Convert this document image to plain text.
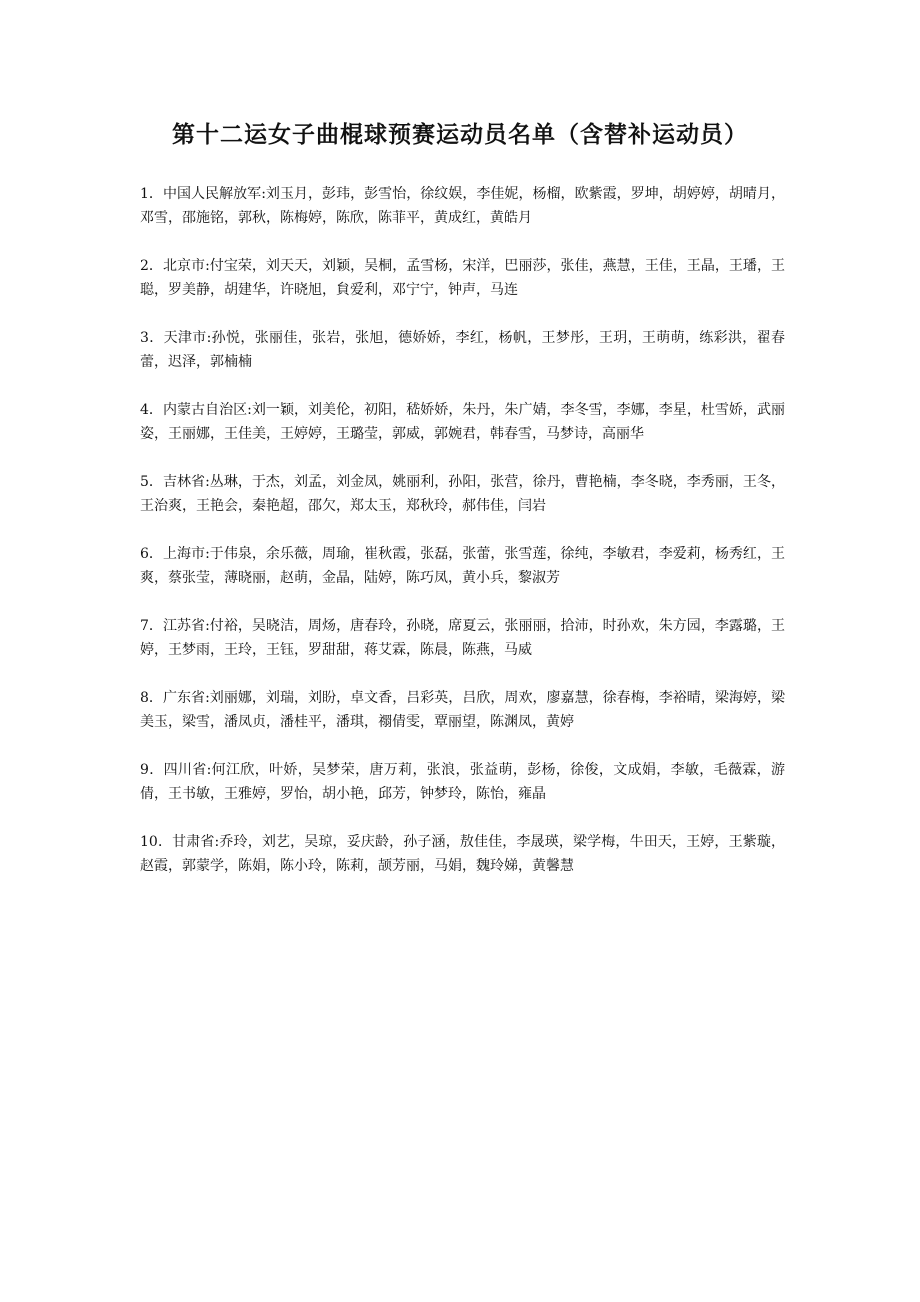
第十二运女子曲棍球预赛运动员名单（含替补运动员）
1．中国人民解放军:刘玉月，彭玮，彭雪怡，徐纹娱，李佳妮，杨榴，欧紫霞，罗坤，胡婷婷，胡晴月，邓雪，邵施铭，郭秋，陈梅婷，陈欣，陈菲平，黄成红，黄皓月
2．北京市:付宝荣，刘天天，刘颖，吴桐，孟雪杨，宋洋，巴丽莎，张佳，燕慧，王佳，王晶，王璠，王聪，罗美静，胡建华，许晓旭，貟爱利，邓宁宁，钟声，马连
3．天津市:孙悦，张丽佳，张岩，张旭，德娇娇，李红，杨帆，王梦彤，王玥，王萌萌，练彩洪，翟春蕾，迟泽，郭楠楠
4．内蒙古自治区:刘一颖，刘美伦，初阳，嵇娇娇，朱丹，朱广婧，李冬雪，李娜，李星，杜雪娇，武丽姿，王丽娜，王佳美，王婷婷，王璐莹，郭威，郭婉君，韩春雪，马梦诗，高丽华
5．吉林省:丛琳，于杰，刘孟，刘金凤，姚丽利，孙阳，张营，徐丹，曹艳楠，李冬晓，李秀丽，王冬，王治爽，王艳会，秦艳超，邵欠，郑太玉，郑秋玲，郝伟佳，闫岩
6．上海市:于伟泉，余乐薇，周瑜，崔秋霞，张磊，张蕾，张雪莲，徐纯，李敏君，李爱莉，杨秀红，王爽，蔡张莹，薄晓丽，赵萌，金晶，陆婷，陈巧凤，黄小兵，黎淑芳
7．江苏省:付裕，吴晓洁，周炀，唐春玲，孙晓，席夏云，张丽丽，拾沛，时孙欢，朱方园，李露璐，王婷，王梦雨，王玲，王钰，罗甜甜，蒋艾霖，陈晨，陈燕，马威
8．广东省:刘丽娜，刘瑞，刘盼，卓文香，吕彩英，吕欣，周欢，廖嘉慧，徐春梅，李裕晴，梁海婷，梁美玉，梁雪，潘凤贞，潘桂平，潘琪，禤倩雯，覃丽望，陈渊凤，黄婷
9．四川省:何江欣，叶娇，吴梦荣，唐万莉，张浪，张益萌，彭杨，徐俊，文成娟，李敏，毛薇霖，游倩，王书敏，王雅婷，罗怡，胡小艳，邱芳，钟梦玲，陈怡，雍晶
10．甘肃省:乔玲，刘艺，吴琼，妥庆龄，孙子涵，敖佳佳，李晟瑛，梁学梅，牛田天，王婷，王紫璇，赵霞，郭蒙学，陈娟，陈小玲，陈莉，颉芳丽，马娟，魏玲娣，黄馨慧
